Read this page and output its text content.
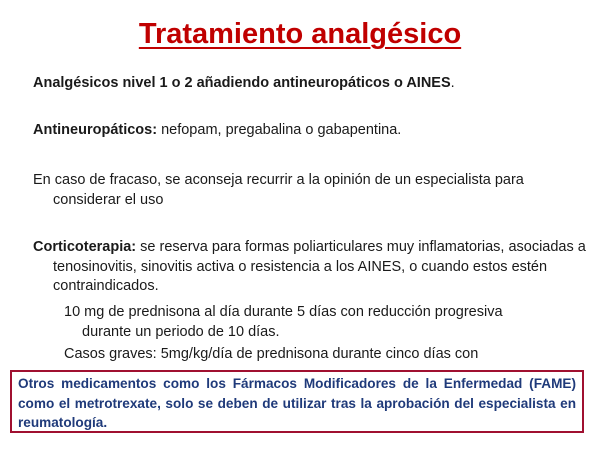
Tratamiento analgésico
Analgésicos nivel 1 o 2 añadiendo antineuropáticos o AINES.
Antineuropáticos: nefopam, pregabalina o gabapentina.
En caso de fracaso, se aconseja recurrir a la opinión de un especialista para considerar el uso
Corticoterapia: se reserva para formas poliarticulares muy inflamatorias, asociadas a tenosinovitis, sinovitis activa o resistencia a los AINES, o cuando estos estén contraindicados.
10 mg de prednisona al día durante 5 días con reducción progresiva durante un periodo de 10 días.
Casos graves: 5mg/kg/día de prednisona durante cinco días con
Otros medicamentos como los Fármacos Modificadores de la Enfermedad (FAME) como el metrotrexate, solo se deben de utilizar tras la aprobación del especialista en reumatología.
